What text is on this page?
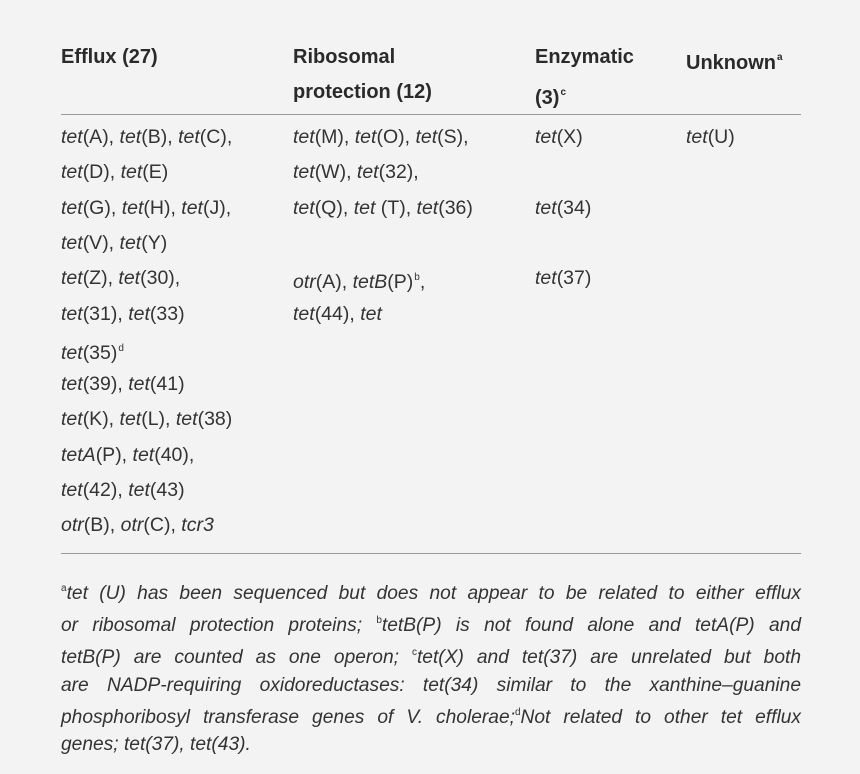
Efflux (27)	Ribosomal
protection (12)
Enzymatic
$(3)^c$
Unknown$^a$
tet(A), tet(B), tet(C),
tet(D), tet(E)
tet(G), tet(H), tet(J),
tet(V), tet(Y)
tet(Z), tet(30),
tet(31), tet(33)
$tet(35)^d$
tet(39), tet(41)
tet(K), tet(L), tet(38)
tetA(P), tet(40),
tet(42), tet(43)
otr(B), otr(C), tcr3
tet(M), tet(O), tet(S),
tet(W), tet(32),
tet(Q), tet (T), tet(36)
otr(A), $tetB(P)^b$,
tet(44), tet
tet(X)
tet(34)
tet(37)
tet(U)
$^a$tet (U) has been sequenced but does not appear to be related to either efflux
or ribosomal protection proteins; $^b$tetB(P) is not found alone and tetA(P) and
tetB(P) are counted as one operon; $^c$tet(X) and tet(37) are unrelated but both
are NADP-requiring oxidoreductases: tet(34) similar to the xanthine–guanine
phosphoribosyl transferase genes of V. cholerae;$^d$Not related to other tet efflux
genes; tet(37), tet(43).
